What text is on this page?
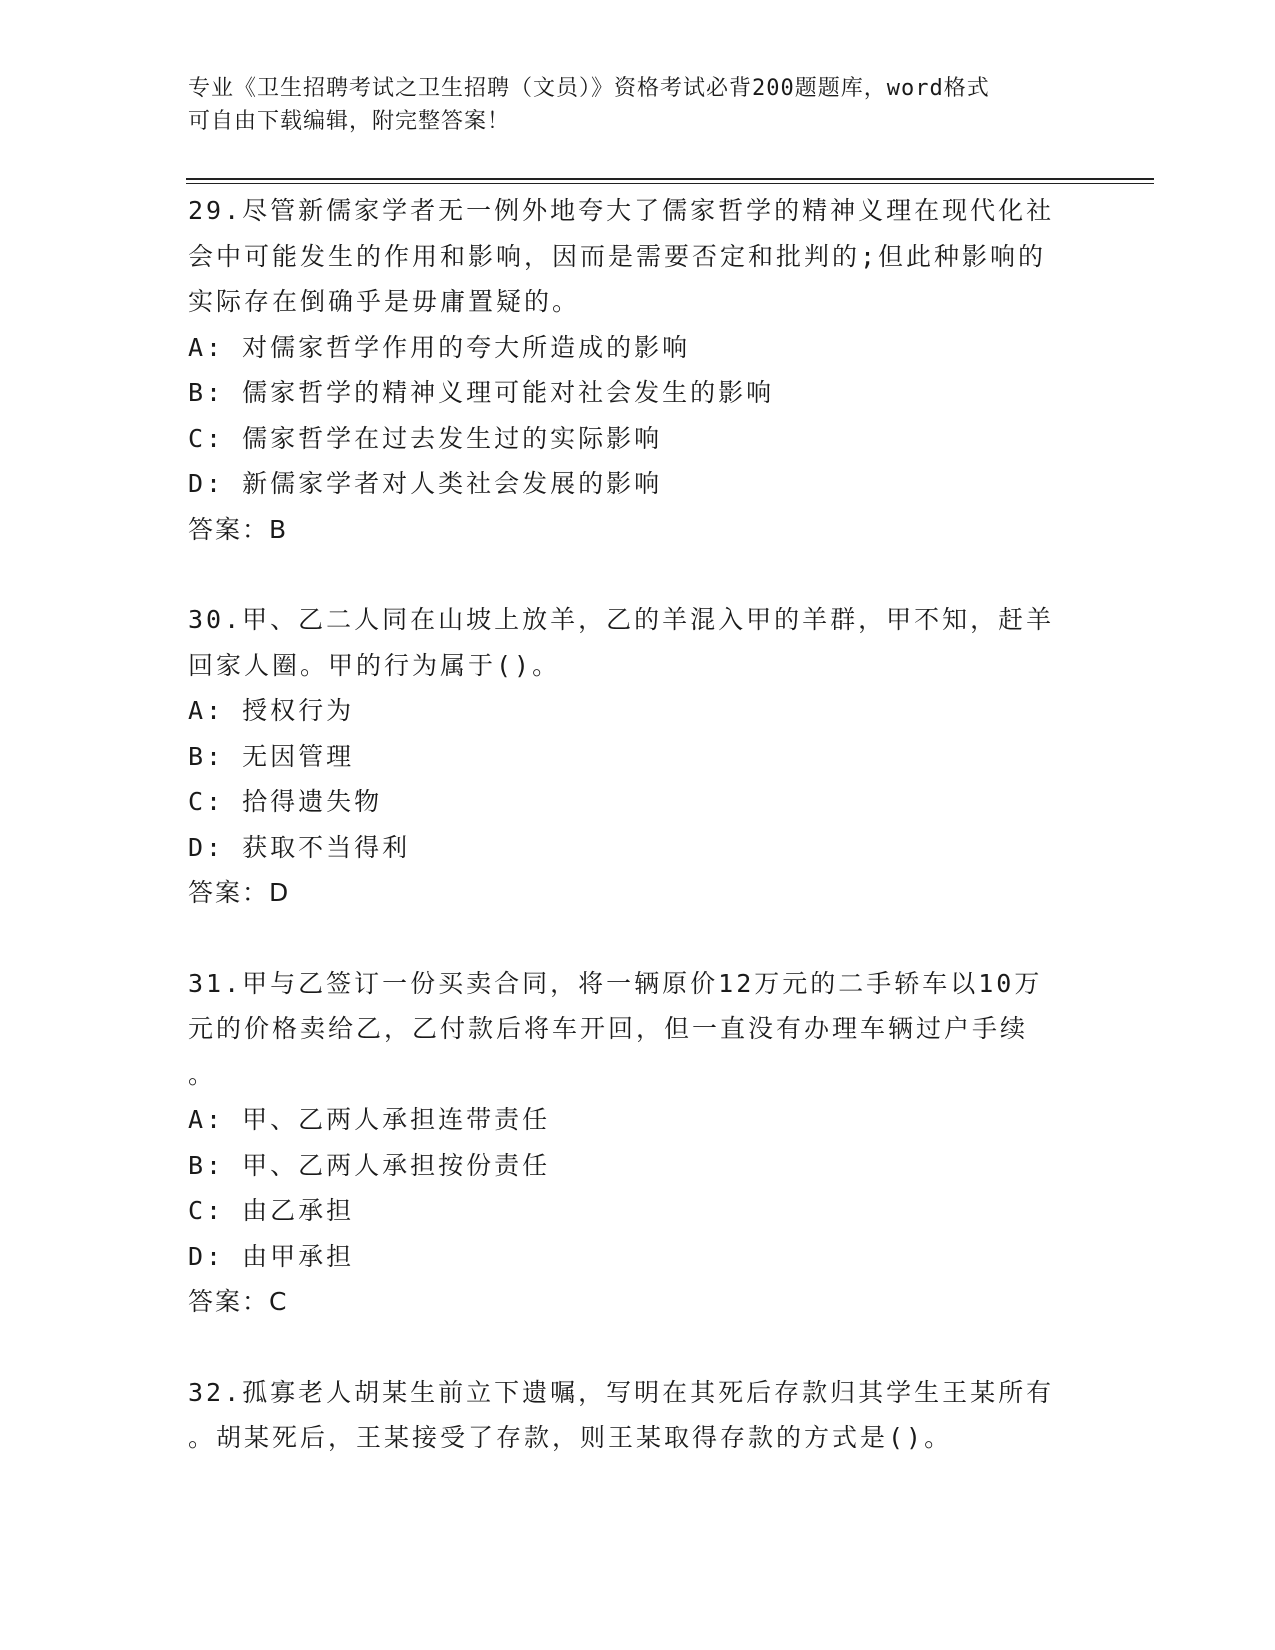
专业《卫生招聘考试之卫生招聘（文员）》资格考试必背200题题库，word格式
可自由下载编辑，附完整答案！
29.尽管新儒家学者无一例外地夸大了儒家哲学的精神义理在现代化社
会中可能发生的作用和影响，因而是需要否定和批判的;但此种影响的
实际存在倒确乎是毋庸置疑的。
A: 对儒家哲学作用的夸大所造成的影响
B: 儒家哲学的精神义理可能对社会发生的影响
C: 儒家哲学在过去发生过的实际影响
D: 新儒家学者对人类社会发展的影响
答案：B
30.甲、乙二人同在山坡上放羊，乙的羊混入甲的羊群，甲不知，赶羊
回家人圈。甲的行为属于()。
A: 授权行为
B: 无因管理
C: 拾得遗失物
D: 获取不当得利
答案：D
31.甲与乙签订一份买卖合同，将一辆原价12万元的二手轿车以10万
元的价格卖给乙，乙付款后将车开回，但一直没有办理车辆过户手续
。
A: 甲、乙两人承担连带责任
B: 甲、乙两人承担按份责任
C: 由乙承担
D: 由甲承担
答案：C
32.孤寡老人胡某生前立下遗嘱，写明在其死后存款归其学生王某所有
。胡某死后，王某接受了存款，则王某取得存款的方式是()。
